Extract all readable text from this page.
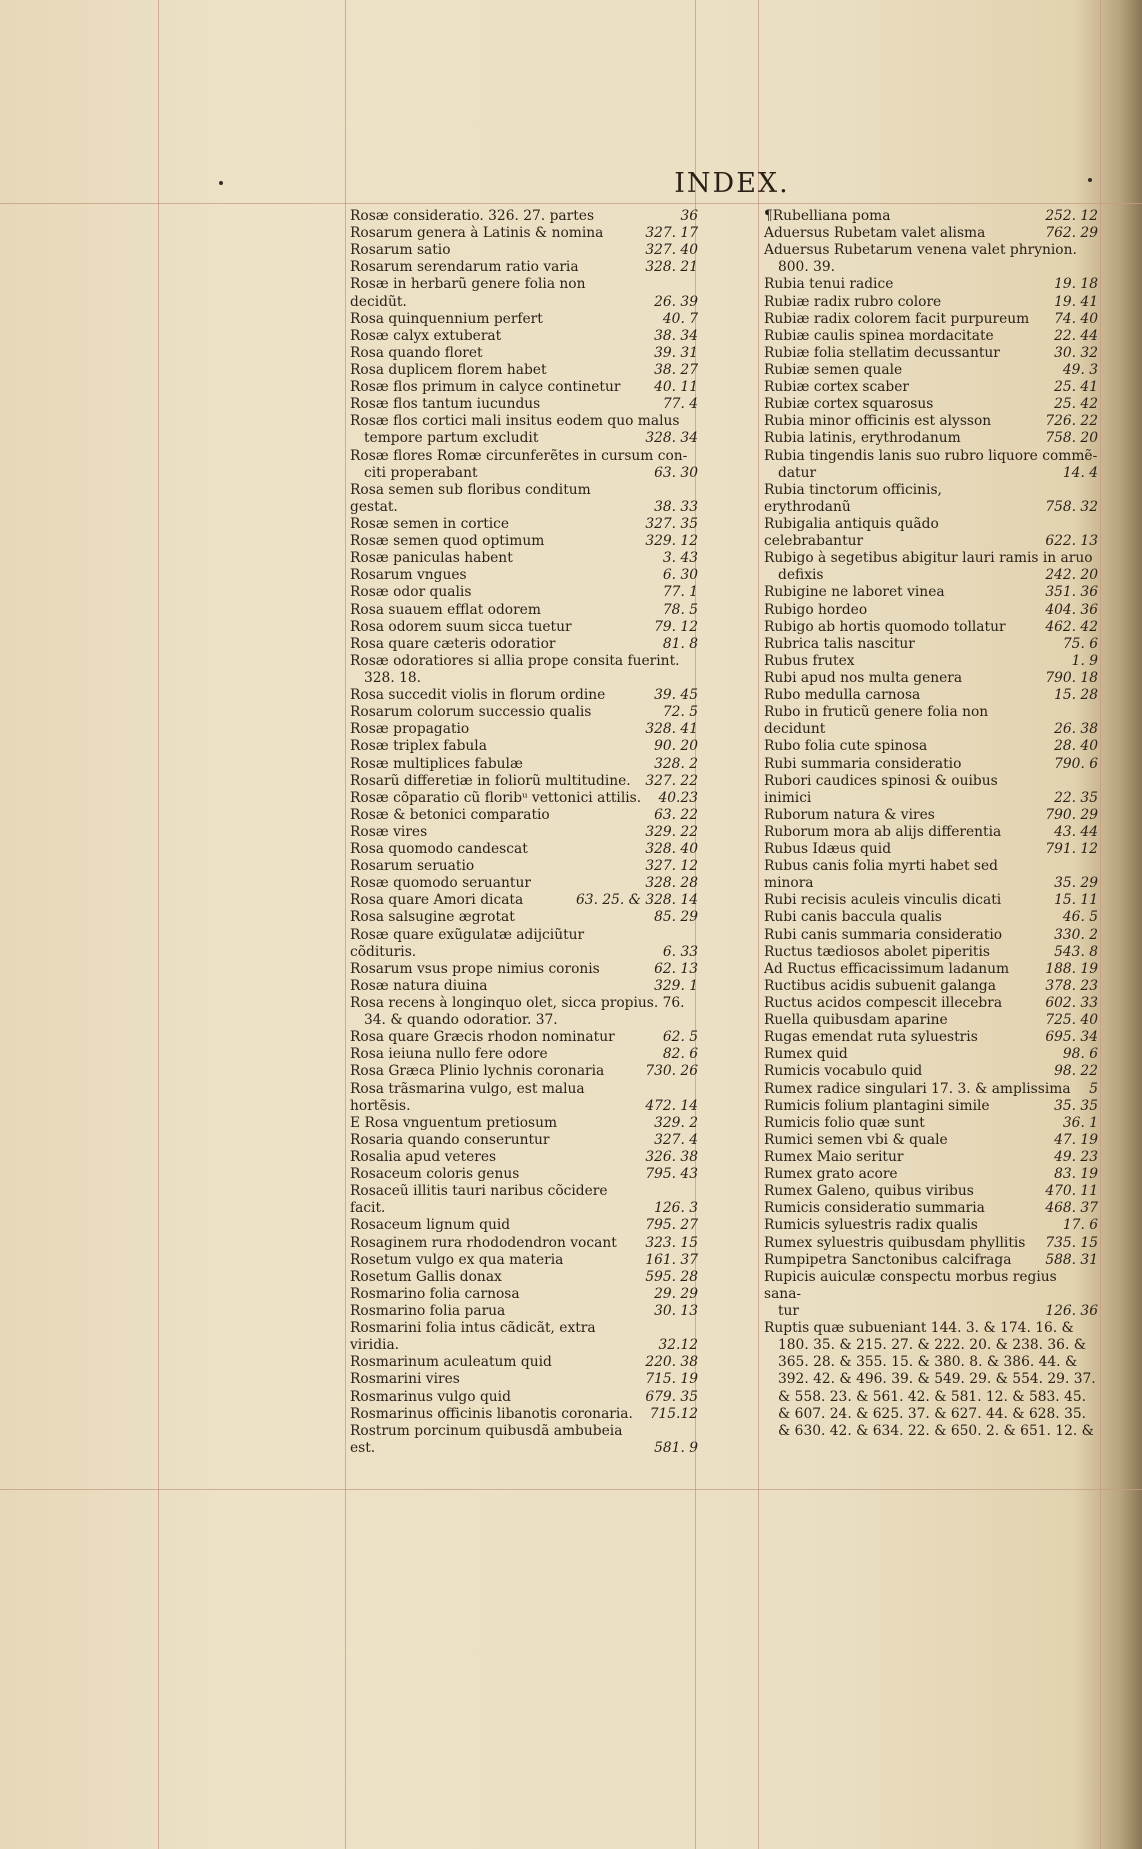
INDEX.
Rosæ consideratio. 326. 27. partes	36
Rosarum genera à Latinis & nomina	327. 17
Rosarum satio	327. 40
Rosarum serendarum ratio varia	328. 21
Rosæ in herbarũ genere folia non decidũt.	26. 39
Rosa quinquennium perfert	40. 7
Rosæ calyx extuberat	38. 34
Rosa quando floret	39. 31
Rosa duplicem florem habet	38. 27
Rosæ flos primum in calyce continetur	40. 11
Rosæ flos tantum iucundus	77. 4
Rosæ flos cortici mali insitus eodem quo malus
tempore partum excludit	328. 34
Rosæ flores Romæ circunferẽtes in cursum con-
citi properabant	63. 30
Rosa semen sub floribus conditum gestat.	38. 33
Rosæ semen in cortice	327. 35
Rosæ semen quod optimum	329. 12
Rosæ paniculas habent	3. 43
Rosarum vngues	6. 30
Rosæ odor qualis	77. 1
Rosa suauem efflat odorem	78. 5
Rosa odorem suum sicca tuetur	79. 12
Rosa quare cæteris odoratior	81. 8
Rosæ odoratiores si allia prope consita fuerint.
328. 18.
Rosa succedit violis in florum ordine	39. 45
Rosarum colorum successio qualis	72. 5
Rosæ propagatio	328. 41
Rosæ triplex fabula	90. 20
Rosæ multiplices fabulæ	328. 2
Rosarũ differetiæ in foliorũ multitudine.	327. 22
Rosæ cõparatio cũ floribᵘ vettonici attilis.	40.23
Rosæ & betonici comparatio	63. 22
Rosæ vires	329. 22
Rosa quomodo candescat	328. 40
Rosarum seruatio	327. 12
Rosæ quomodo seruantur	328. 28
Rosa quare Amori dicata	63. 25. & 328. 14
Rosa salsugine ægrotat	85. 29
Rosæ quare exũgulatæ adijciũtur cõdituris.	6. 33
Rosarum vsus prope nimius coronis	62. 13
Rosæ natura diuina	329. 1
Rosa recens à longinquo olet, sicca propius. 76.
34. & quando odoratior. 37.
Rosa quare Græcis rhodon nominatur	62. 5
Rosa ieiuna nullo fere odore	82. 6
Rosa Græca Plinio lychnis coronaria	730. 26
Rosa trãsmarina vulgo, est malua hortẽsis.	472. 14
E Rosa vnguentum pretiosum	329. 2
Rosaria quando conseruntur	327. 4
Rosalia apud veteres	326. 38
Rosaceum coloris genus	795. 43
Rosaceũ illitis tauri naribus cõcidere facit.	126. 3
Rosaceum lignum quid	795. 27
Rosaginem rura rhododendron vocant	323. 15
Rosetum vulgo ex qua materia	161. 37
Rosetum Gallis donax	595. 28
Rosmarino folia carnosa	29. 29
Rosmarino folia parua	30. 13
Rosmarini folia intus cãdicãt, extra viridia.	32.12
Rosmarinum aculeatum quid	220. 38
Rosmarini vires	715. 19
Rosmarinus vulgo quid	679. 35
Rosmarinus officinis libanotis coronaria.	715.12
Rostrum porcinum quibusdã ambubeia est.	581. 9
¶Rubelliana poma	252. 12
Aduersus Rubetam valet alisma	762. 29
Aduersus Rubetarum venena valet phrynion.
800. 39.
Rubia tenui radice	19. 18
Rubiæ radix rubro colore	19. 41
Rubiæ radix colorem facit purpureum	74. 40
Rubiæ caulis spinea mordacitate	22. 44
Rubiæ folia stellatim decussantur	30. 32
Rubiæ semen quale	49. 3
Rubiæ cortex scaber	25. 41
Rubiæ cortex squarosus	25. 42
Rubia minor officinis est alysson	726. 22
Rubia latinis, erythrodanum	758. 20
Rubia tingendis lanis suo rubro liquore commẽ-
datur	14. 4
Rubia tinctorum officinis, erythrodanũ	758. 32
Rubigalia antiquis quãdo celebrabantur	622. 13
Rubigo à segetibus abigitur lauri ramis in aruo
defixis	242. 20
Rubigine ne laboret vinea	351. 36
Rubigo hordeo	404. 36
Rubigo ab hortis quomodo tollatur	462. 42
Rubrica talis nascitur	75. 6
Rubus frutex	1. 9
Rubi apud nos multa genera	790. 18
Rubo medulla carnosa	15. 28
Rubo in fruticũ genere folia non decidunt	26. 38
Rubo folia cute spinosa	28. 40
Rubi summaria consideratio	790. 6
Rubori caudices spinosi & ouibus inimici	22. 35
Ruborum natura & vires	790. 29
Ruborum mora ab alijs differentia	43. 44
Rubus Idæus quid	791. 12
Rubus canis folia myrti habet sed minora	35. 29
Rubi recisis aculeis vinculis dicati	15. 11
Rubi canis baccula qualis	46. 5
Rubi canis summaria consideratio	330. 2
Ructus tædiosos abolet piperitis	543. 8
Ad Ructus efficacissimum ladanum	188. 19
Ructibus acidis subuenit galanga	378. 23
Ructus acidos compescit illecebra	602. 33
Ruella quibusdam aparine	725. 40
Rugas emendat ruta syluestris	695. 34
Rumex quid	98. 6
Rumicis vocabulo quid	98. 22
Rumex radice singulari 17. 3. & amplissima	5
Rumicis folium plantagini simile	35. 35
Rumicis folio quæ sunt	36. 1
Rumici semen vbi & quale	47. 19
Rumex Maio seritur	49. 23
Rumex grato acore	83. 19
Rumex Galeno, quibus viribus	470. 11
Rumicis consideratio summaria	468. 37
Rumicis syluestris radix qualis	17. 6
Rumex syluestris quibusdam phyllitis	735. 15
Rumpipetra Sanctonibus calcifraga	588. 31
Rupicis auiculæ conspectu morbus regius sana-
tur	126. 36
Ruptis quæ subueniant 144. 3. & 174. 16. &
180. 35. & 215. 27. & 222. 20. & 238. 36. & 365. 28. & 355. 15. & 380. 8. & 386. 44. & 392. 42. & 496. 39. & 549. 29. & 554. 29. 37. & 558. 23. & 561. 42. & 581. 12. & 583. 45. & 607. 24. & 625. 37. & 627. 44. & 628. 35. & 630. 42. & 634. 22. & 650. 2. & 651. 12. &
